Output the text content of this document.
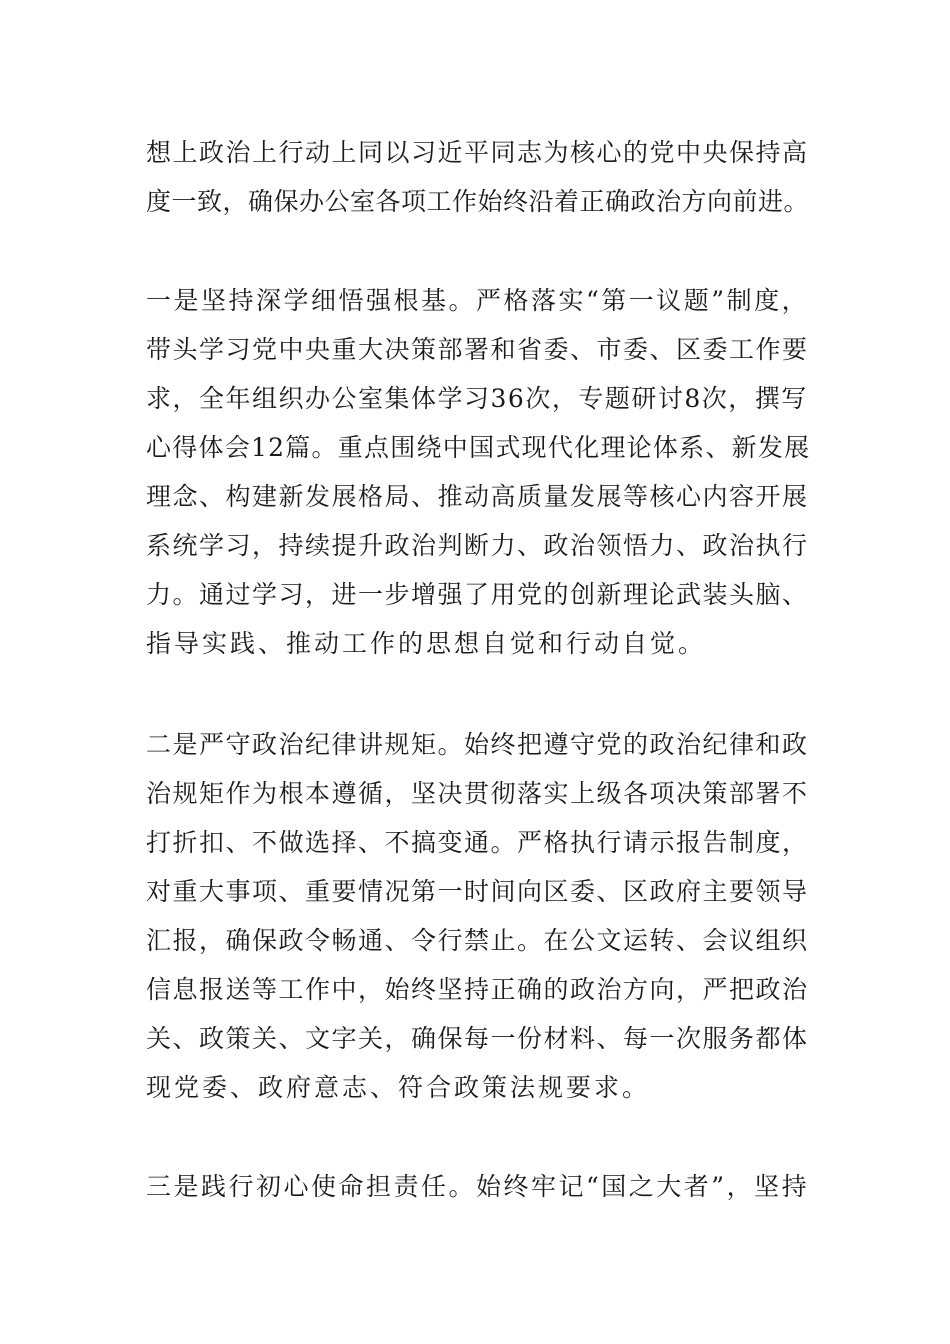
想上政治上行动上同以习近平同志为核心的党中央保持高
度一致，确保办公室各项工作始终沿着正确政治方向前进。

一是坚持深学细悟强根基。严格落实“第一议题”制度，
带头学习党中央重大决策部署和省委、市委、区委工作要
求，全年组织办公室集体学习36次，专题研讨8次，撰写
心得体会12篇。重点围绕中国式现代化理论体系、新发展
理念、构建新发展格局、推动高质量发展等核心内容开展
系统学习，持续提升政治判断力、政治领悟力、政治执行
力。通过学习，进一步增强了用党的创新理论武装头脑、
指导实践、推动工作的思想自觉和行动自觉。

二是严守政治纪律讲规矩。始终把遵守党的政治纪律和政
治规矩作为根本遵循，坚决贯彻落实上级各项决策部署不
打折扣、不做选择、不搞变通。严格执行请示报告制度，
对重大事项、重要情况第一时间向区委、区政府主要领导
汇报，确保政令畅通、令行禁止。在公文运转、会议组织
信息报送等工作中，始终坚持正确的政治方向，严把政治
关、政策关、文字关，确保每一份材料、每一次服务都体
现党委、政府意志、符合政策法规要求。

三是践行初心使命担责任。始终牢记“国之大者”，坚持
